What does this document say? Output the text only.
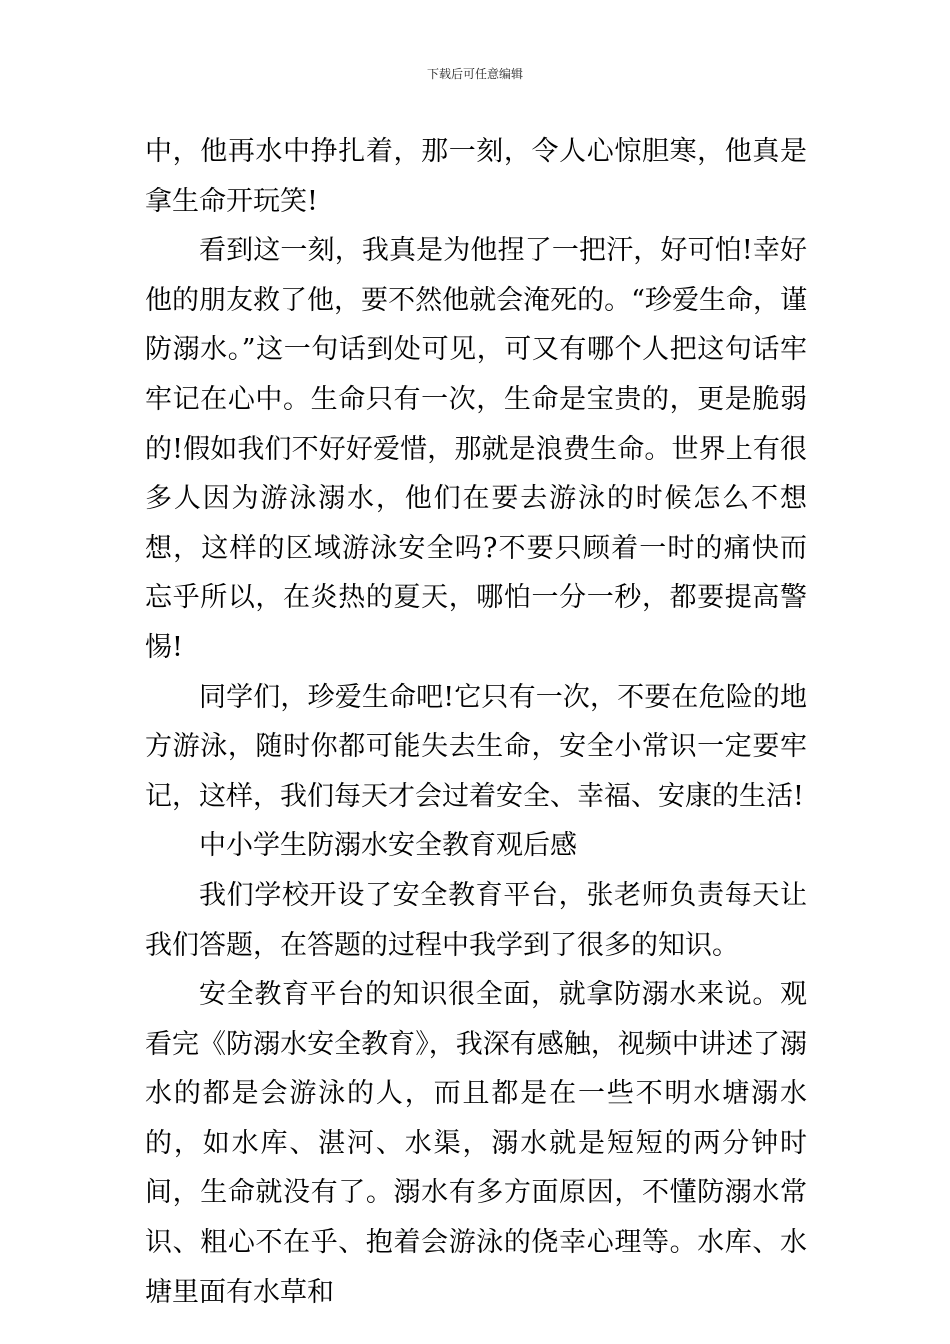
下载后可任意编辑

中，他再水中挣扎着，那一刻，令人心惊胆寒，他真是拿生命开玩笑!

看到这一刻，我真是为他捏了一把汗，好可怕!幸好他的朋友救了他，要不然他就会淹死的。“珍爱生命，谨防溺水。”这一句话到处可见，可又有哪个人把这句话牢牢记在心中。生命只有一次，生命是宝贵的，更是脆弱的!假如我们不好好爱惜，那就是浪费生命。世界上有很多人因为游泳溺水，他们在要去游泳的时候怎么不想想，这样的区域游泳安全吗?不要只顾着一时的痛快而忘乎所以，在炎热的夏天，哪怕一分一秒，都要提高警惕!

同学们，珍爱生命吧!它只有一次，不要在危险的地方游泳，随时你都可能失去生命，安全小常识一定要牢记，这样，我们每天才会过着安全、幸福、安康的生活!

中小学生防溺水安全教育观后感

我们学校开设了安全教育平台，张老师负责每天让我们答题，在答题的过程中我学到了很多的知识。

安全教育平台的知识很全面，就拿防溺水来说。观看完《防溺水安全教育》，我深有感触，视频中讲述了溺水的都是会游泳的人，而且都是在一些不明水塘溺水的，如水库、湛河、水渠，溺水就是短短的两分钟时间，生命就没有了。溺水有多方面原因，不懂防溺水常识、粗心不在乎、抱着会游泳的侥幸心理等。水库、水塘里面有水草和
